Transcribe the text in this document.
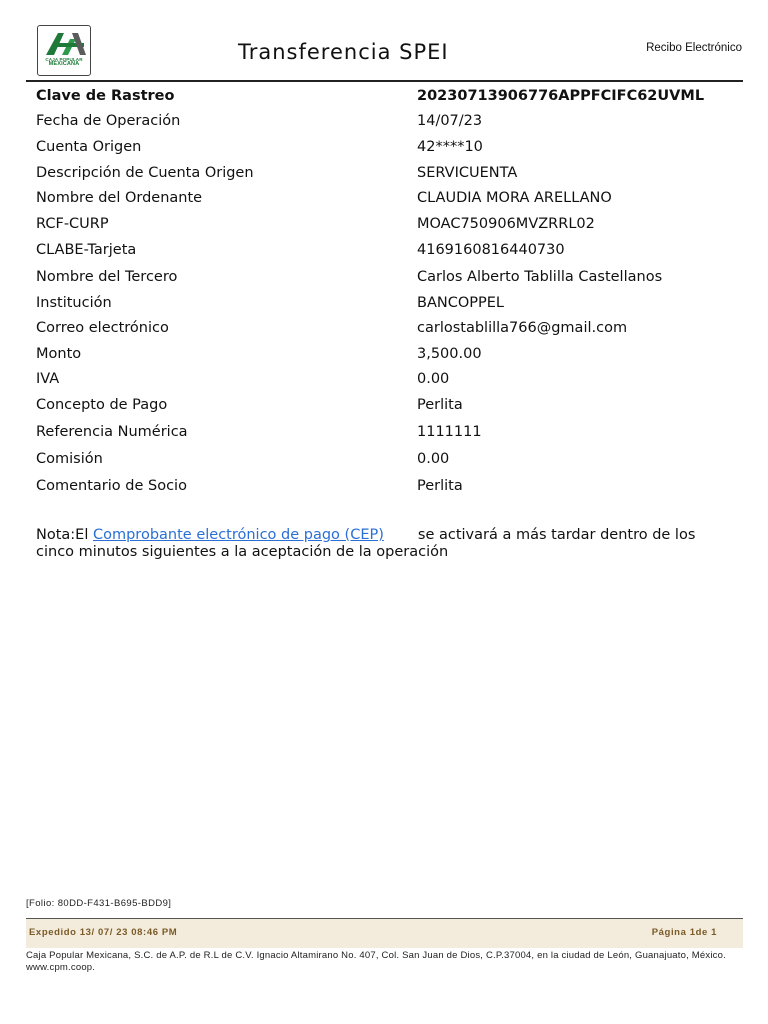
CAJA POPULAR
MEXICANA
Transferencia SPEI	Recibo Electrónico
Clave de Rastreo	20230713906776APPFCIFC62UVML
Fecha de Operación	14/07/23
Cuenta Origen	42****10
Descripción de Cuenta Origen	SERVICUENTA
Nombre del Ordenante	CLAUDIA MORA ARELLANO
RCF-CURP	MOAC750906MVZRRL02
CLABE-Tarjeta	4169160816440730
Nombre del Tercero	Carlos Alberto Tablilla Castellanos
Institución	BANCOPPEL
Correo electrónico	carlostablilla766@gmail.com
Monto	3,500.00
IVA	0.00
Concepto de Pago	Perlita
Referencia Numérica	1111111
Comisión	0.00
Comentario de Socio	Perlita
Nota:El Comprobante electrónico de pago (CEP) se activará a más tardar dentro de los cinco minutos siguientes a la aceptación de la operación
[Folio: 80DD-F431-B695-BDD9]
Expedido 13/ 07/ 23 08:46 PM	Página 1de 1
Caja Popular Mexicana, S.C. de A.P. de R.L de C.V. Ignacio Altamirano No. 407, Col. San Juan de Dios, C.P.37004, en la ciudad de León, Guanajuato, México. www.cpm.coop.
